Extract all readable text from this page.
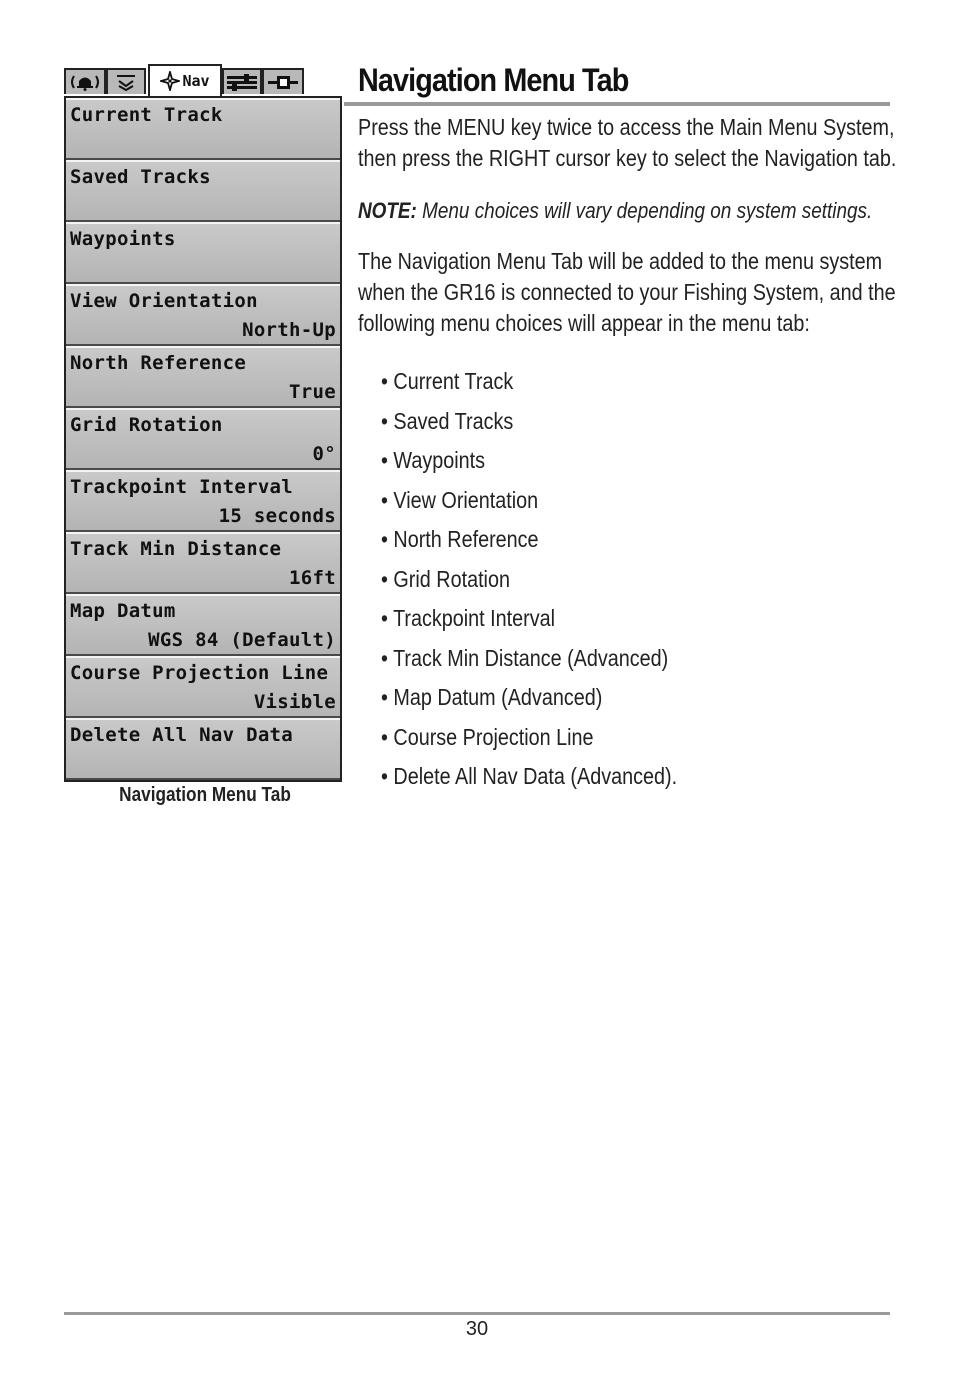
Nav
Current Track
Saved Tracks
Waypoints
View Orientation
North-Up
North Reference
True
Grid Rotation
0°
Trackpoint Interval
15 seconds
Track Min Distance
16ft
Map Datum
WGS 84 (Default)
Course Projection Line
Visible
Delete All Nav Data
Navigation Menu Tab
Navigation Menu Tab
Press the MENU key twice to access the Main Menu System,
then press the RIGHT cursor key to select the Navigation tab.
NOTE: Menu choices will vary depending on system settings.
The Navigation Menu Tab will be added to the menu system
when the GR16 is connected to your Fishing System, and the
following menu choices will appear in the menu tab:
• Current Track
• Saved Tracks
• Waypoints
• View Orientation
• North Reference
• Grid Rotation
• Trackpoint Interval
• Track Min Distance (Advanced)
• Map Datum (Advanced)
• Course Projection Line
• Delete All Nav Data (Advanced).
30
